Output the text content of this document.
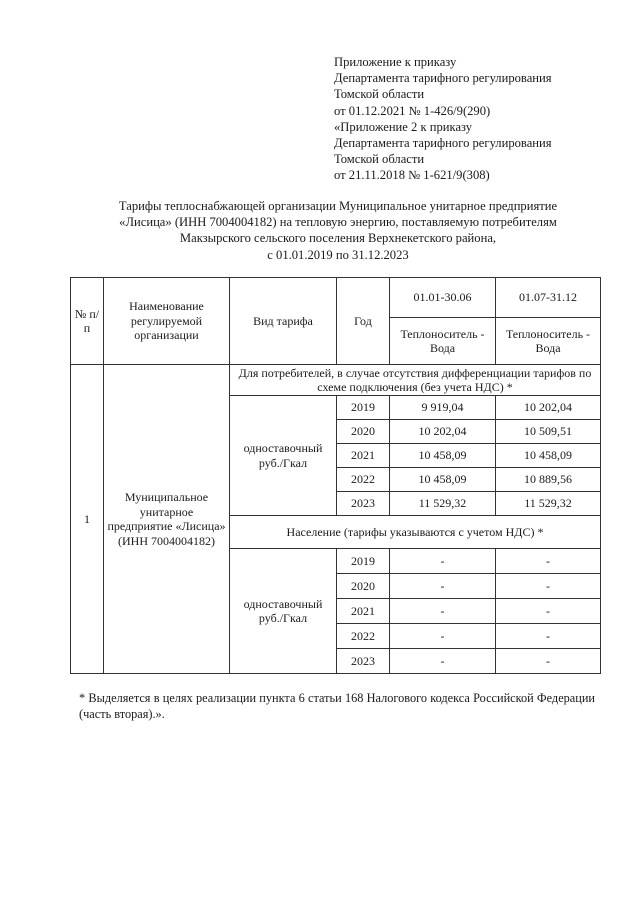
Приложение к приказу
Департамента тарифного регулирования
Томской области
от 01.12.2021 № 1-426/9(290)
«Приложение 2 к приказу
Департамента тарифного регулирования
Томской области
от 21.11.2018 № 1-621/9(308)
Тарифы теплоснабжающей организации Муниципальное унитарное предприятие
«Лисица» (ИНН 7004004182) на тепловую энергию, поставляемую потребителям
Макзырского сельского поселения Верхнекетского района,
с 01.01.2019 по 31.12.2023
№ п/п	Наименование регулируемой организации	Вид тарифа	Год	01.01-30.06	01.07-31.12
				Теплоноситель - Вода	Теплоноситель - Вода
1	Муниципальное унитарное предприятие «Лисица» (ИНН 7004004182)	Для потребителей, в случае отсутствия дифференциации тарифов по схеме подключения (без учета НДС) *			
		одноставочный руб./Гкал	2019	9 919,04	10 202,04
			2020	10 202,04	10 509,51
			2021	10 458,09	10 458,09
			2022	10 458,09	10 889,56
			2023	11 529,32	11 529,32
		Население (тарифы указываются с учетом НДС) *			
		одноставочный руб./Гкал	2019	-	-
			2020	-	-
			2021	-	-
			2022	-	-
			2023	-	-
* Выделяется в целях реализации пункта 6 статьи 168 Налогового кодекса Российской Федерации (часть вторая).».
